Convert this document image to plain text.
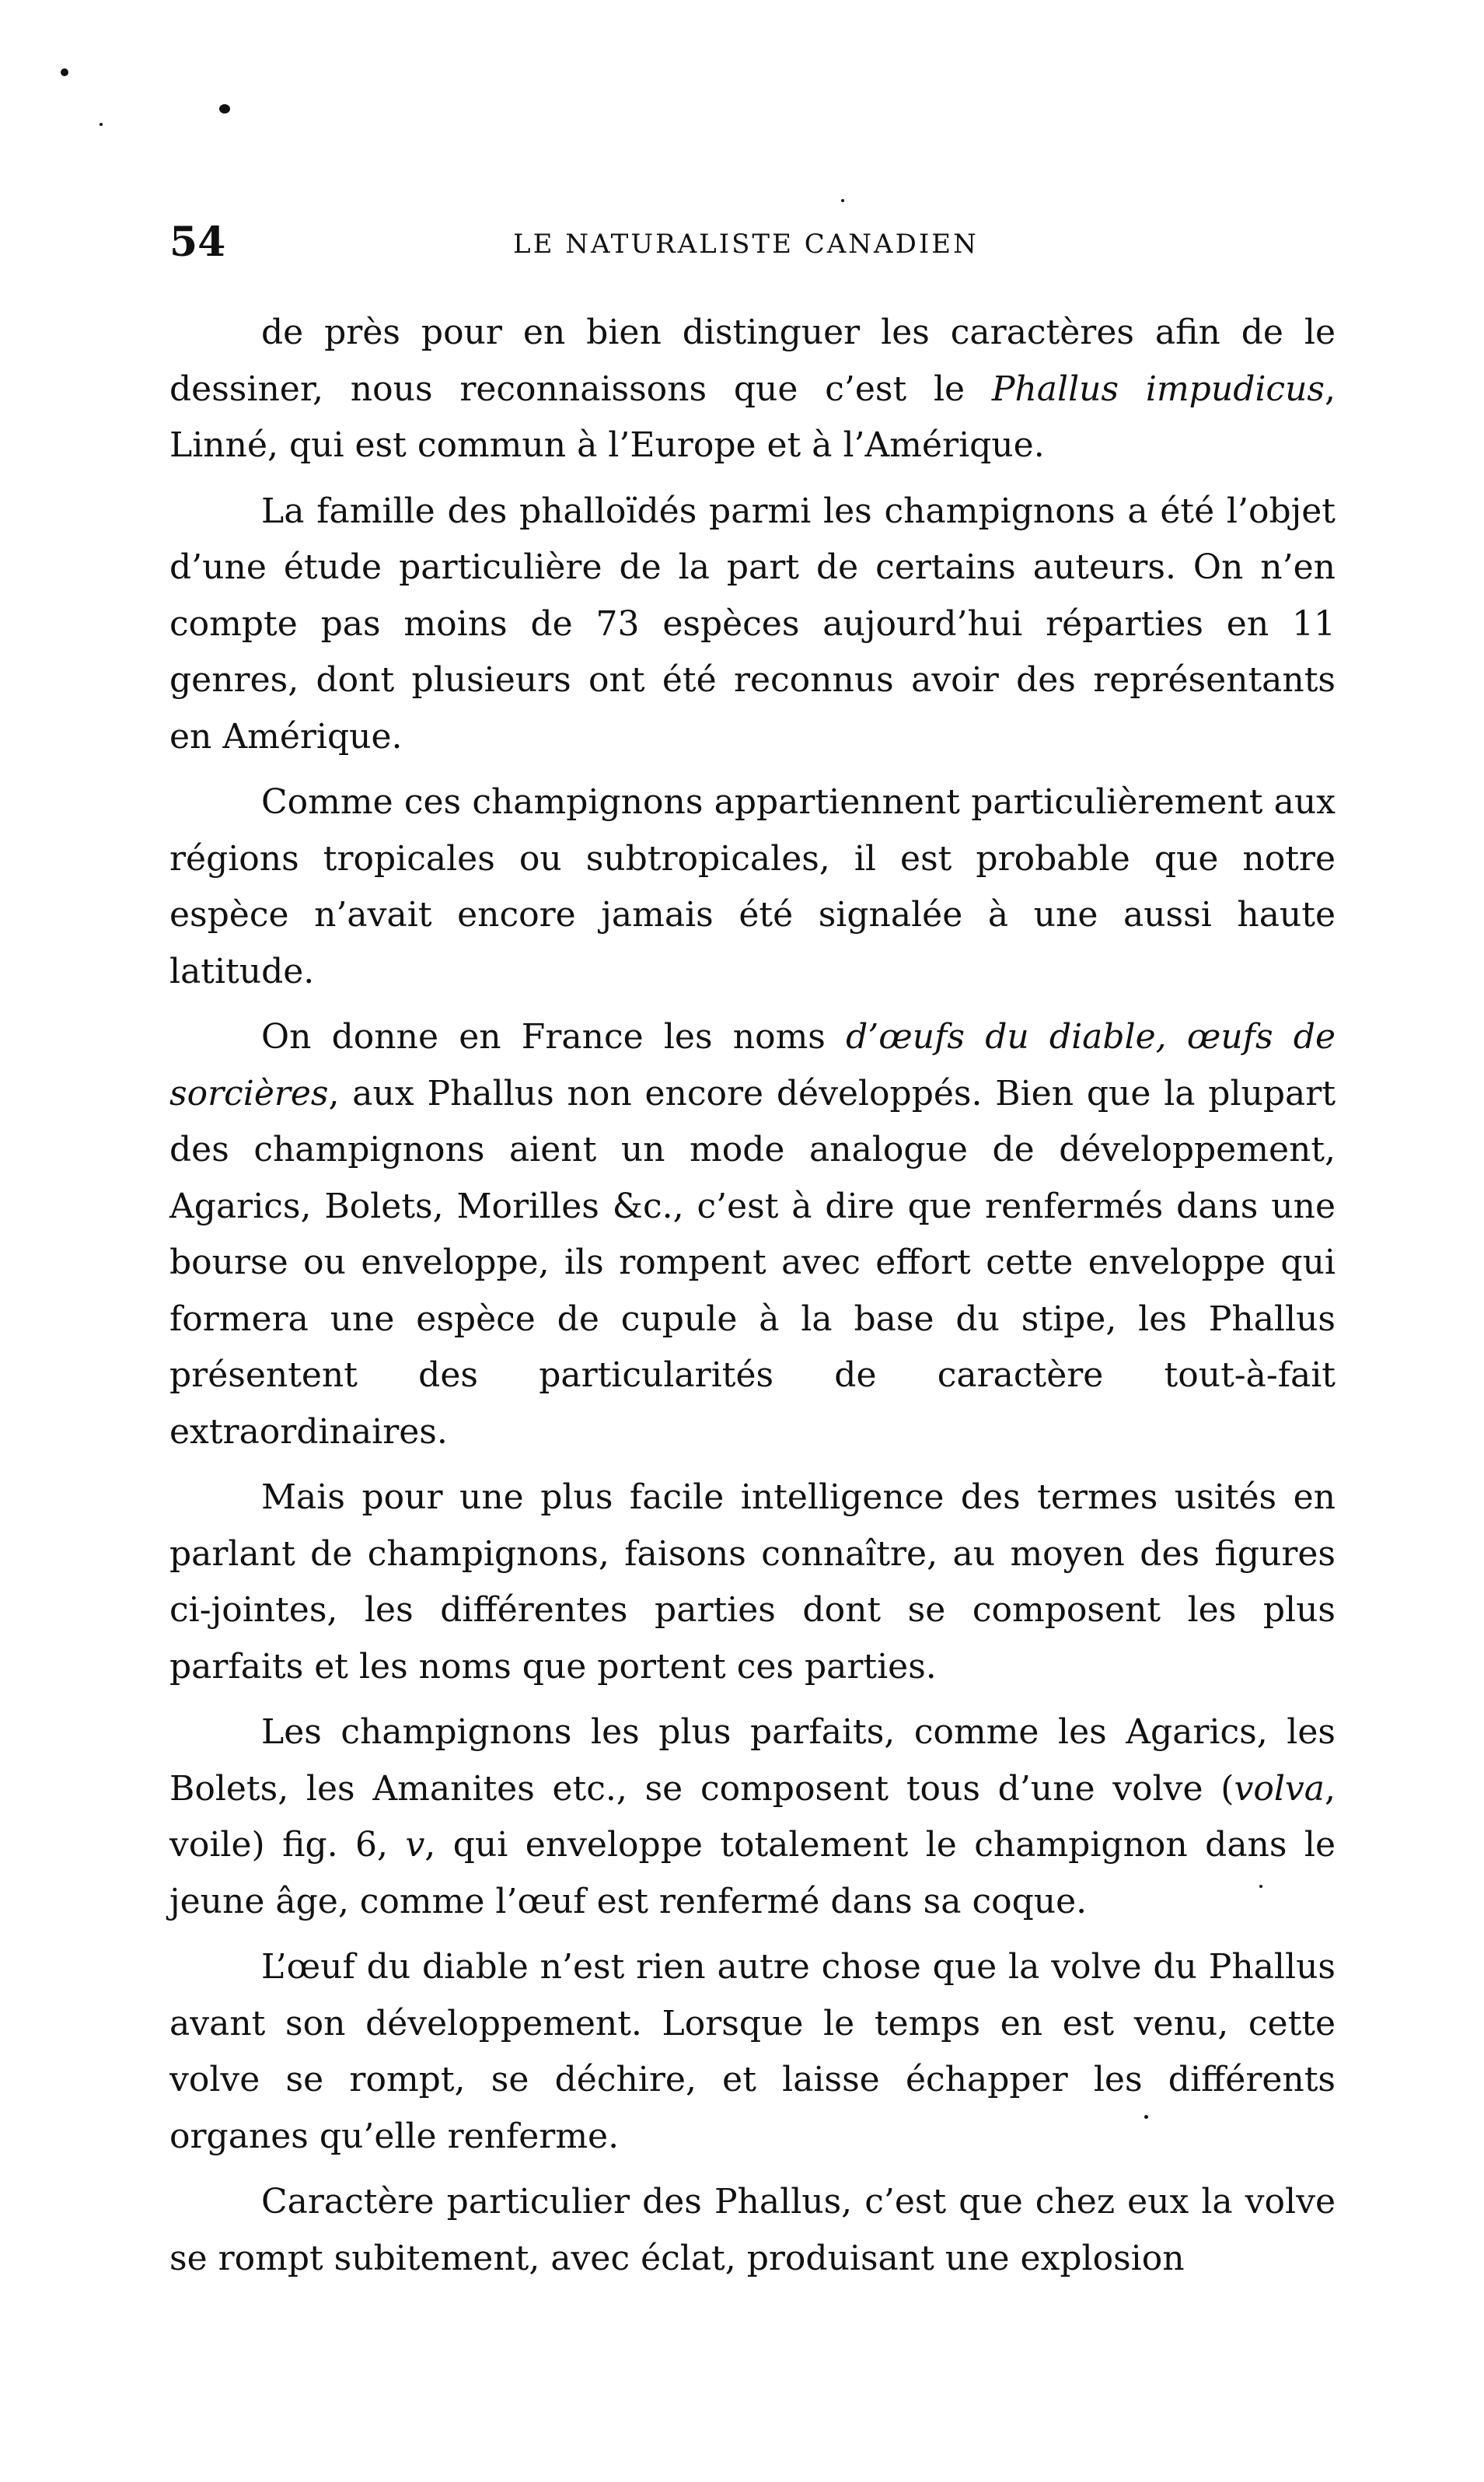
54	LE NATURALISTE CANADIEN

de près pour en bien distinguer les caractères afin de le dessiner, nous reconnaissons que c’est le Phallus impudicus, Linné, qui est commun à l’Europe et à l’Amérique.

La famille des phalloïdés parmi les champignons a été l’objet d’une étude particulière de la part de certains auteurs. On n’en compte pas moins de 73 espèces aujourd’hui réparties en 11 genres, dont plusieurs ont été reconnus avoir des représentants en Amérique.

Comme ces champignons appartiennent particulièrement aux régions tropicales ou subtropicales, il est probable que notre espèce n’avait encore jamais été signalée à une aussi haute latitude.

On donne en France les noms d’œufs du diable, œufs de sorcières, aux Phallus non encore développés. Bien que la plupart des champignons aient un mode analogue de développement, Agarics, Bolets, Morilles &c., c’est à dire que renfermés dans une bourse ou enveloppe, ils rompent avec effort cette enveloppe qui formera une espèce de cupule à la base du stipe, les Phallus présentent des particularités de caractère tout-à-fait extraordinaires.

Mais pour une plus facile intelligence des termes usités en parlant de champignons, faisons connaître, au moyen des figures ci-jointes, les différentes parties dont se composent les plus parfaits et les noms que portent ces parties.

Les champignons les plus parfaits, comme les Agarics, les Bolets, les Amanites etc., se composent tous d’une volve (volva, voile) fig. 6, v, qui enveloppe totalement le champignon dans le jeune âge, comme l’œuf est renfermé dans sa coque.

L’œuf du diable n’est rien autre chose que la volve du Phallus avant son développement. Lorsque le temps en est venu, cette volve se rompt, se déchire, et laisse échapper les différents organes qu’elle renferme.

Caractère particulier des Phallus, c’est que chez eux la volve se rompt subitement, avec éclat, produisant une explosion
